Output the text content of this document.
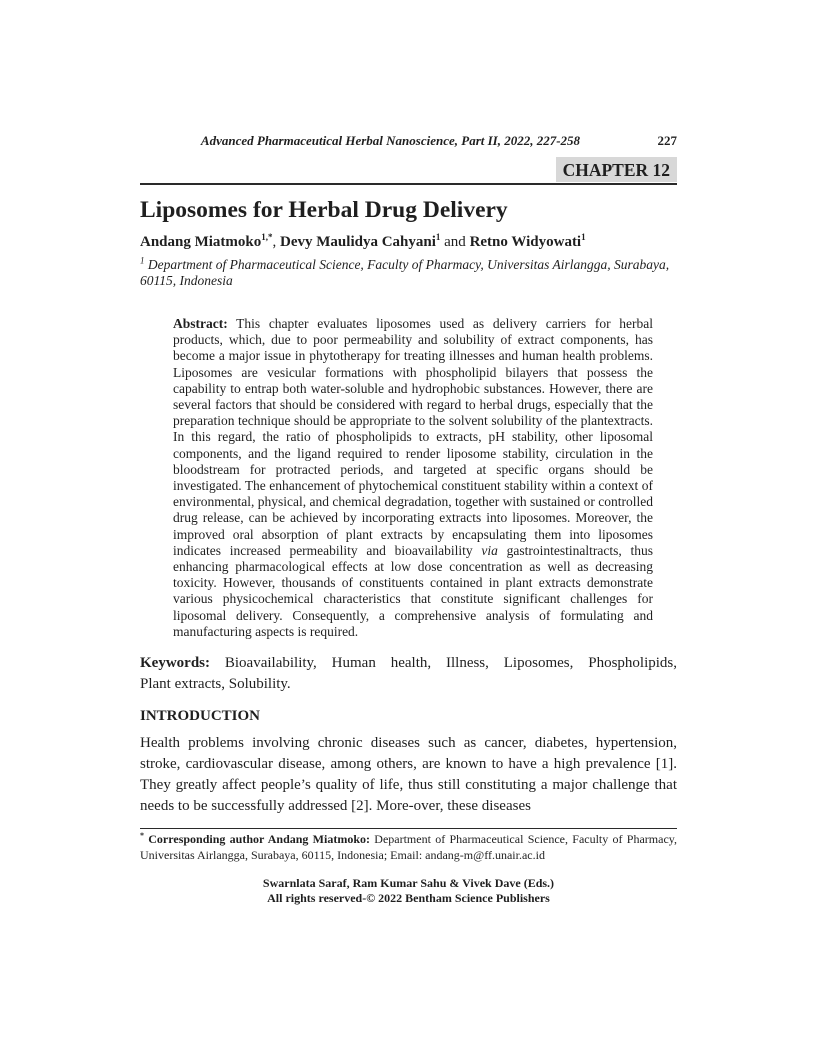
Advanced Pharmaceutical Herbal Nanoscience, Part II, 2022, 227-258	227
CHAPTER 12
Liposomes for Herbal Drug Delivery

Andang Miatmoko$^{1,*}$, Devy Maulidya Cahyani$^1$ and Retno Widyowati$^1$

$^1$ Department of Pharmaceutical Science, Faculty of Pharmacy, Universitas Airlangga, Surabaya, 60115, Indonesia

Abstract: This chapter evaluates liposomes used as delivery carriers for herbal products, which, due to poor permeability and solubility of extract components, has become a major issue in phytotherapy for treating illnesses and human health problems. Liposomes are vesicular formations with phospholipid bilayers that possess the capability to entrap both water-soluble and hydrophobic substances. However, there are several factors that should be considered with regard to herbal drugs, especially that the preparation technique should be appropriate to the solvent solubility of the plantextracts. In this regard, the ratio of phospholipids to extracts, pH stability, other liposomal components, and the ligand required to render liposome stability, circulation in the bloodstream for protracted periods, and targeted at specific organs should be investigated. The enhancement of phytochemical constituent stability within a context of environmental, physical, and chemical degradation, together with sustained or controlled drug release, can be achieved by incorporating extracts into liposomes. Moreover, the improved oral absorption of plant extracts by encapsulating them into liposomes indicates increased permeability and bioavailability via gastrointestinaltracts, thus enhancing pharmacological effects at low dose concentration as well as decreasing toxicity. However, thousands of constituents contained in plant extracts demonstrate various physicochemical characteristics that constitute significant challenges for liposomal delivery. Consequently, a comprehensive analysis of formulating and manufacturing aspects is required.
Keywords: Bioavailability, Human health, Illness, Liposomes, Phospholipids,
Plant extracts, Solubility.
INTRODUCTION

Health problems involving chronic diseases such as cancer, diabetes, hypertension, stroke, cardiovascular disease, among others, are known to have a high prevalence [1]. They greatly affect people’s quality of life, thus still constituting a major challenge that needs to be successfully addressed [2]. More-over, these diseases

* Corresponding author Andang Miatmoko: Department of Pharmaceutical Science, Faculty of Pharmacy, Universitas Airlangga, Surabaya, 60115, Indonesia; Email: andang-m@ff.unair.ac.id

Swarnlata Saraf, Ram Kumar Sahu & Vivek Dave (Eds.)
All rights reserved-© 2022 Bentham Science Publishers
